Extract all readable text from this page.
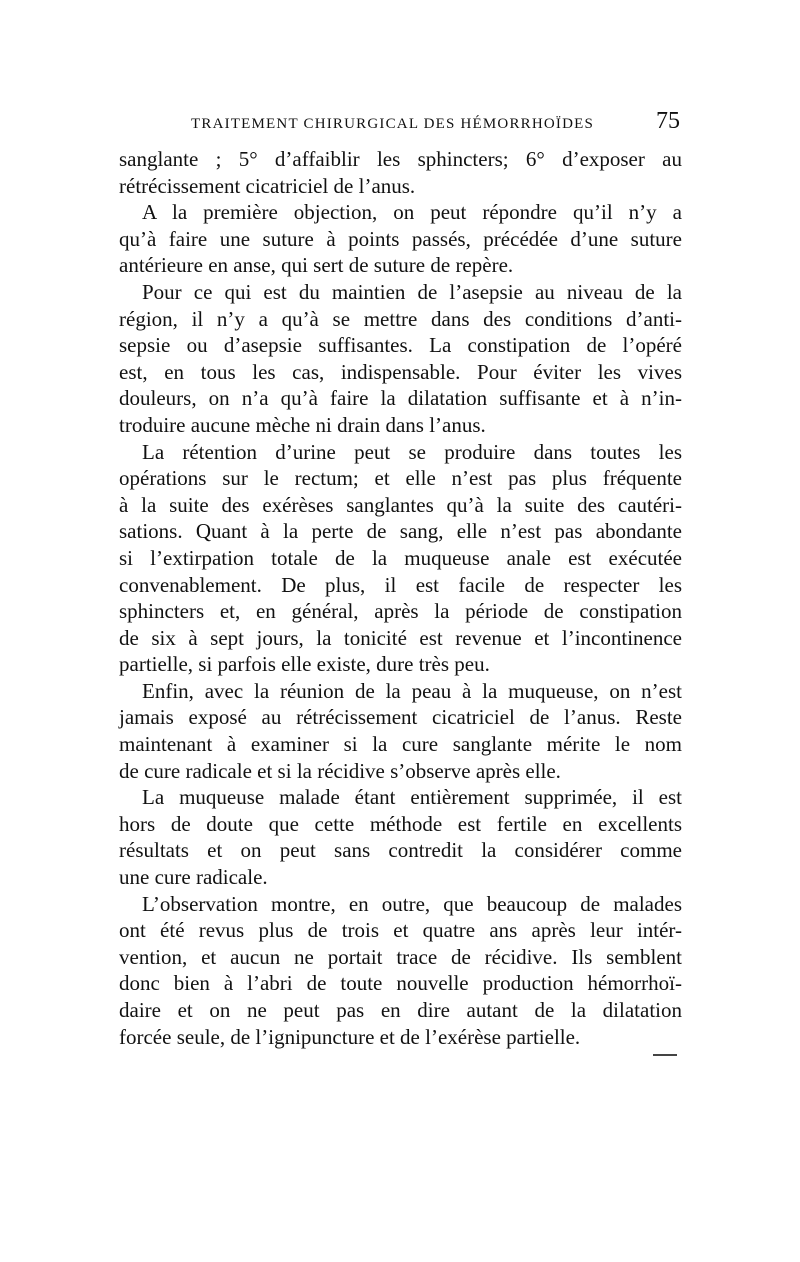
TRAITEMENT CHIRURGICAL DES HÉMORRHOÏDES	75
sanglante ; 5° d’affaiblir les sphincters; 6° d’exposer au
rétrécissement cicatriciel de l’anus.
A la première objection, on peut répondre qu’il n’y a
qu’à faire une suture à points passés, précédée d’une suture
antérieure en anse, qui sert de suture de repère.
Pour ce qui est du maintien de l’asepsie au niveau de la
région, il n’y a qu’à se mettre dans des conditions d’anti-
sepsie ou d’asepsie suffisantes. La constipation de l’opéré
est, en tous les cas, indispensable. Pour éviter les vives
douleurs, on n’a qu’à faire la dilatation suffisante et à n’in-
troduire aucune mèche ni drain dans l’anus.
La rétention d’urine peut se produire dans toutes les
opérations sur le rectum; et elle n’est pas plus fréquente
à la suite des exérèses sanglantes qu’à la suite des cautéri-
sations. Quant à la perte de sang, elle n’est pas abondante
si l’extirpation totale de la muqueuse anale est exécutée
convenablement. De plus, il est facile de respecter les
sphincters et, en général, après la période de constipation
de six à sept jours, la tonicité est revenue et l’incontinence
partielle, si parfois elle existe, dure très peu.
Enfin, avec la réunion de la peau à la muqueuse, on n’est
jamais exposé au rétrécissement cicatriciel de l’anus. Reste
maintenant à examiner si la cure sanglante mérite le nom
de cure radicale et si la récidive s’observe après elle.
La muqueuse malade étant entièrement supprimée, il est
hors de doute que cette méthode est fertile en excellents
résultats et on peut sans contredit la considérer comme
une cure radicale.
L’observation montre, en outre, que beaucoup de malades
ont été revus plus de trois et quatre ans après leur intér-
vention, et aucun ne portait trace de récidive. Ils semblent
donc bien à l’abri de toute nouvelle production hémorrhoï-
daire et on ne peut pas en dire autant de la dilatation
forcée seule, de l’ignipuncture et de l’exérèse partielle.
